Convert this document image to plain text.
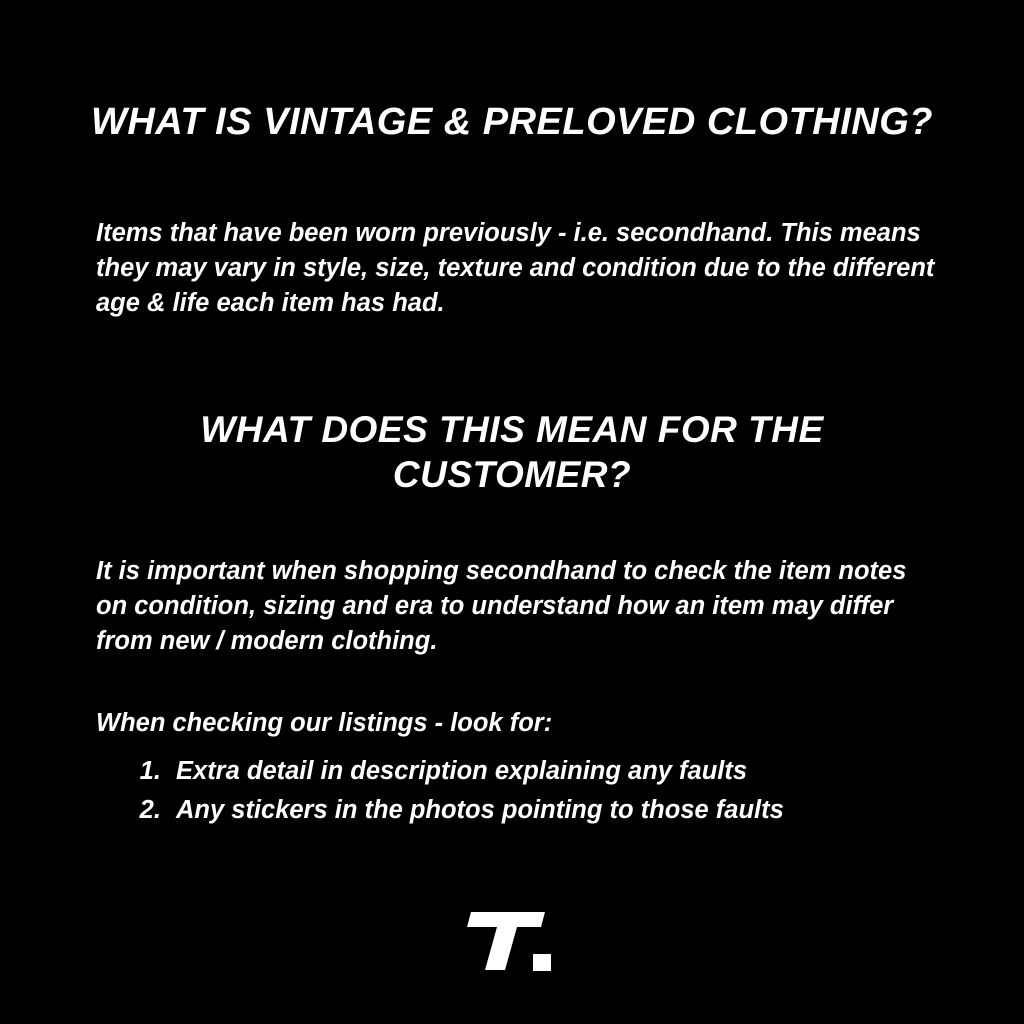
WHAT IS VINTAGE & PRELOVED CLOTHING?

Items that have been worn previously - i.e. secondhand. This means they may vary in style, size, texture and condition due to the different age & life each item has had.

WHAT DOES THIS MEAN FOR THE CUSTOMER?

It is important when shopping secondhand to check the item notes on condition, sizing and era to understand how an item may differ from new / modern clothing.

When checking our listings - look for:

1. Extra detail in description explaining any faults
2. Any stickers in the photos pointing to those faults
